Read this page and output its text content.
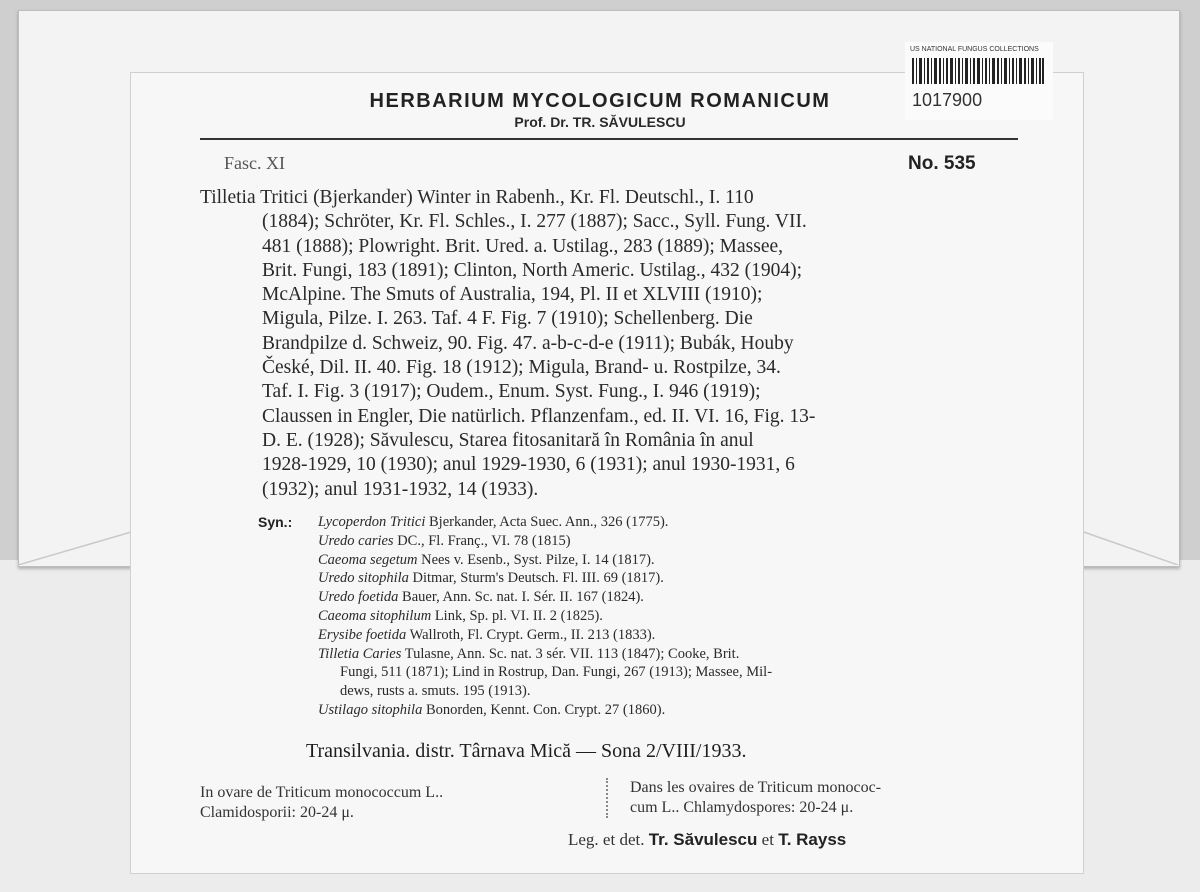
HERBARIUM MYCOLOGICUM ROMANICUM
Prof. Dr. TR. SĂVULESCU
US NATIONAL FUNGUS COLLECTIONS
1017900
Fasc. XI	No. 535
Tilletia Tritici (Bjerkander) Winter in Rabenh., Kr. Fl. Deutschl., I. 110
(1884); Schröter, Kr. Fl. Schles., I. 277 (1887); Sacc., Syll. Fung. VII.
481 (1888); Plowright. Brit. Ured. a. Ustilag., 283 (1889); Massee,
Brit. Fungi, 183 (1891); Clinton, North Americ. Ustilag., 432 (1904);
McAlpine. The Smuts of Australia, 194, Pl. II et XLVIII (1910);
Migula, Pilze. I. 263. Taf. 4 F. Fig. 7 (1910); Schellenberg. Die
Brandpilze d. Schweiz, 90. Fig. 47. a-b-c-d-e (1911); Bubák, Houby
České, Dil. II. 40. Fig. 18 (1912); Migula, Brand- u. Rostpilze, 34.
Taf. I. Fig. 3 (1917); Oudem., Enum. Syst. Fung., I. 946 (1919);
Claussen in Engler, Die natürlich. Pflanzenfam., ed. II. VI. 16, Fig. 13-
D. E. (1928); Săvulescu, Starea fitosanitară în România în anul
1928-1929, 10 (1930); anul 1929-1930, 6 (1931); anul 1930-1931, 6
(1932); anul 1931-1932, 14 (1933).
Syn.: Lycoperdon Tritici Bjerkander, Acta Suec. Ann., 326 (1775).
Uredo caries DC., Fl. Franç., VI. 78 (1815)
Caeoma segetum Nees v. Esenb., Syst. Pilze, I. 14 (1817).
Uredo sitophila Ditmar, Sturm's Deutsch. Fl. III. 69 (1817).
Uredo foetida Bauer, Ann. Sc. nat. I. Sér. II. 167 (1824).
Caeoma sitophilum Link, Sp. pl. VI. II. 2 (1825).
Erysibe foetida Wallroth, Fl. Crypt. Germ., II. 213 (1833).
Tilletia Caries Tulasne, Ann. Sc. nat. 3 sér. VII. 113 (1847); Cooke, Brit.
Fungi, 511 (1871); Lind in Rostrup, Dan. Fungi, 267 (1913); Massee, Mil-
dews, rusts a. smuts. 195 (1913).
Ustilago sitophila Bonorden, Kennt. Con. Crypt. 27 (1860).
Transilvania. distr. Târnava Mică — Sona 2/VIII/1933.
In ovare de Triticum monococcum L..
Clamidosporii: 20-24 μ.
Dans les ovaires de Triticum monococ-
cum L.. Chlamydospores: 20-24 μ.
Leg. et det. Tr. Săvulescu et T. Rayss
